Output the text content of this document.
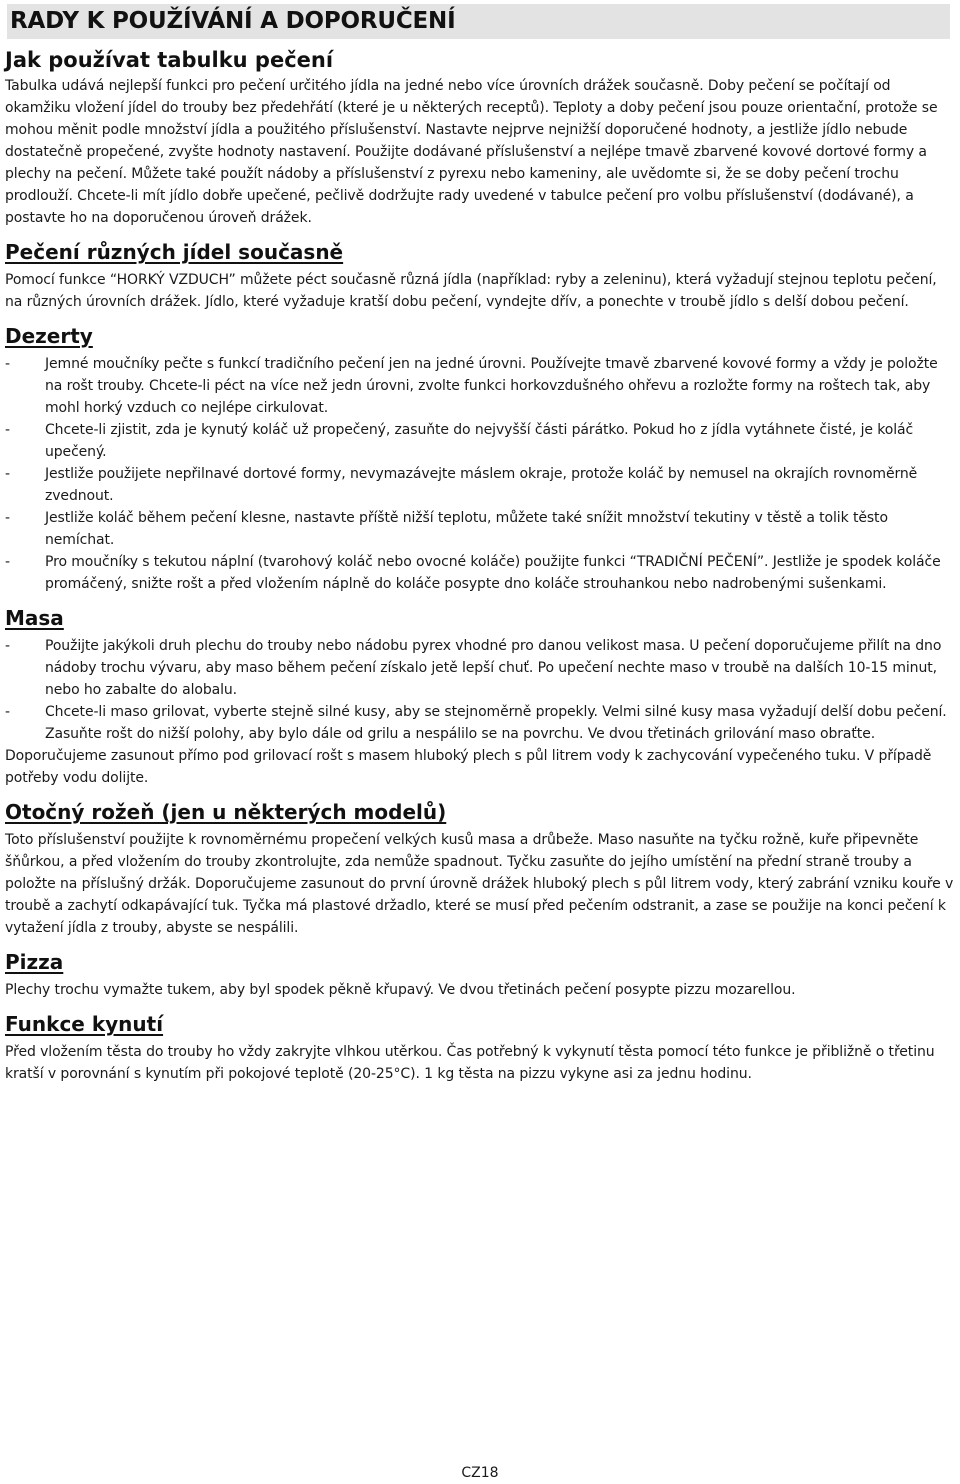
RADY K POUŽÍVÁNÍ A DOPORUČENÍ
Jak používat tabulku pečení

Tabulka udává nejlepší funkci pro pečení určitého jídla na jedné nebo více úrovních drážek současně. Doby pečení se počítají od okamžiku vložení jídel do trouby bez předehřátí (které je u některých receptů). Teploty a doby pečení jsou pouze orientační, protože se mohou měnit podle množství jídla a použitého příslušenství. Nastavte nejprve nejnižší doporučené hodnoty, a jestliže jídlo nebude dostatečně propečené, zvyšte hodnoty nastavení. Použijte dodávané příslušenství a nejlépe tmavě zbarvené kovové dortové formy a plechy na pečení. Můžete také použít nádoby a příslušenství z pyrexu nebo kameniny, ale uvědomte si, že se doby pečení trochu prodlouží. Chcete-li mít jídlo dobře upečené, pečlivě dodržujte rady uvedené v tabulce pečení pro volbu příslušenství (dodávané), a postavte ho na doporučenou úroveň drážek.

Pečení různých jídel současně

Pomocí funkce “HORKÝ VZDUCH” můžete péct současně různá jídla (například: ryby a zeleninu), která vyžadují stejnou teplotu pečení, na různých úrovních drážek. Jídlo, které vyžaduje kratší dobu pečení, vyndejte dřív, a ponechte v troubě jídlo s delší dobou pečení.

Dezerty
- Jemné moučníky pečte s funkcí tradičního pečení jen na jedné úrovni. Používejte tmavě zbarvené kovové formy a vždy je položte na rošt trouby. Chcete-li péct na více než jedn úrovni, zvolte funkci horkovzdušného ohřevu a rozložte formy na roštech tak, aby mohl horký vzduch co nejlépe cirkulovat.
- Chcete-li zjistit, zda je kynutý koláč už propečený, zasuňte do nejvyšší části párátko. Pokud ho z jídla vytáhnete čisté, je koláč upečený.
- Jestliže použijete nepřilnavé dortové formy, nevymazávejte máslem okraje, protože koláč by nemusel na okrajích rovnoměrně zvednout.
- Jestliže koláč během pečení klesne, nastavte příště nižší teplotu, můžete také snížit množství tekutiny v těstě a tolik těsto nemíchat.
- Pro moučníky s tekutou náplní (tvarohový koláč nebo ovocné koláče) použijte funkci “TRADIČNÍ PEČENÍ”. Jestliže je spodek koláče promáčený, snižte rošt a před vložením náplně do koláče posypte dno koláče strouhankou nebo nadrobenými sušenkami.
Masa
- Použijte jakýkoli druh plechu do trouby nebo nádobu pyrex vhodné pro danou velikost masa. U pečení doporučujeme přilít na dno nádoby trochu vývaru, aby maso během pečení získalo jetě lepší chuť. Po upečení nechte maso v troubě na dalších 10-15 minut, nebo ho zabalte do alobalu.
- Chcete-li maso grilovat, vyberte stejně silné kusy, aby se stejnoměrně propekly. Velmi silné kusy masa vyžadují delší dobu pečení. Zasuňte rošt do nižší polohy, aby bylo dále od grilu a nespálilo se na povrchu. Ve dvou třetinách grilování maso obraťte.

Doporučujeme zasunout přímo pod grilovací rošt s masem hluboký plech s půl litrem vody k zachycování vypečeného tuku. V případě potřeby vodu dolijte.

Otočný rožeň (jen u některých modelů)

Toto příslušenství použijte k rovnoměrnému propečení velkých kusů masa a drůbeže. Maso nasuňte na tyčku rožně, kuře připevněte šňůrkou, a před vložením do trouby zkontrolujte, zda nemůže spadnout. Tyčku zasuňte do jejího umístění na přední straně trouby a položte na příslušný držák. Doporučujeme zasunout do první úrovně drážek hluboký plech s půl litrem vody, který zabrání vzniku kouře v troubě a zachytí odkapávající tuk. Tyčka má plastové držadlo, které se musí před pečením odstranit, a zase se použije na konci pečení k vytažení jídla z trouby, abyste se nespálili.

Pizza

Plechy trochu vymažte tukem, aby byl spodek pěkně křupavý. Ve dvou třetinách pečení posypte pizzu mozarellou.

Funkce kynutí

Před vložením těsta do trouby ho vždy zakryjte vlhkou utěrkou. Čas potřebný k vykynutí těsta pomocí této funkce je přibližně o třetinu kratší v porovnání s kynutím při pokojové teplotě (20-25°C). 1 kg těsta na pizzu vykyne asi za jednu hodinu.

CZ18
